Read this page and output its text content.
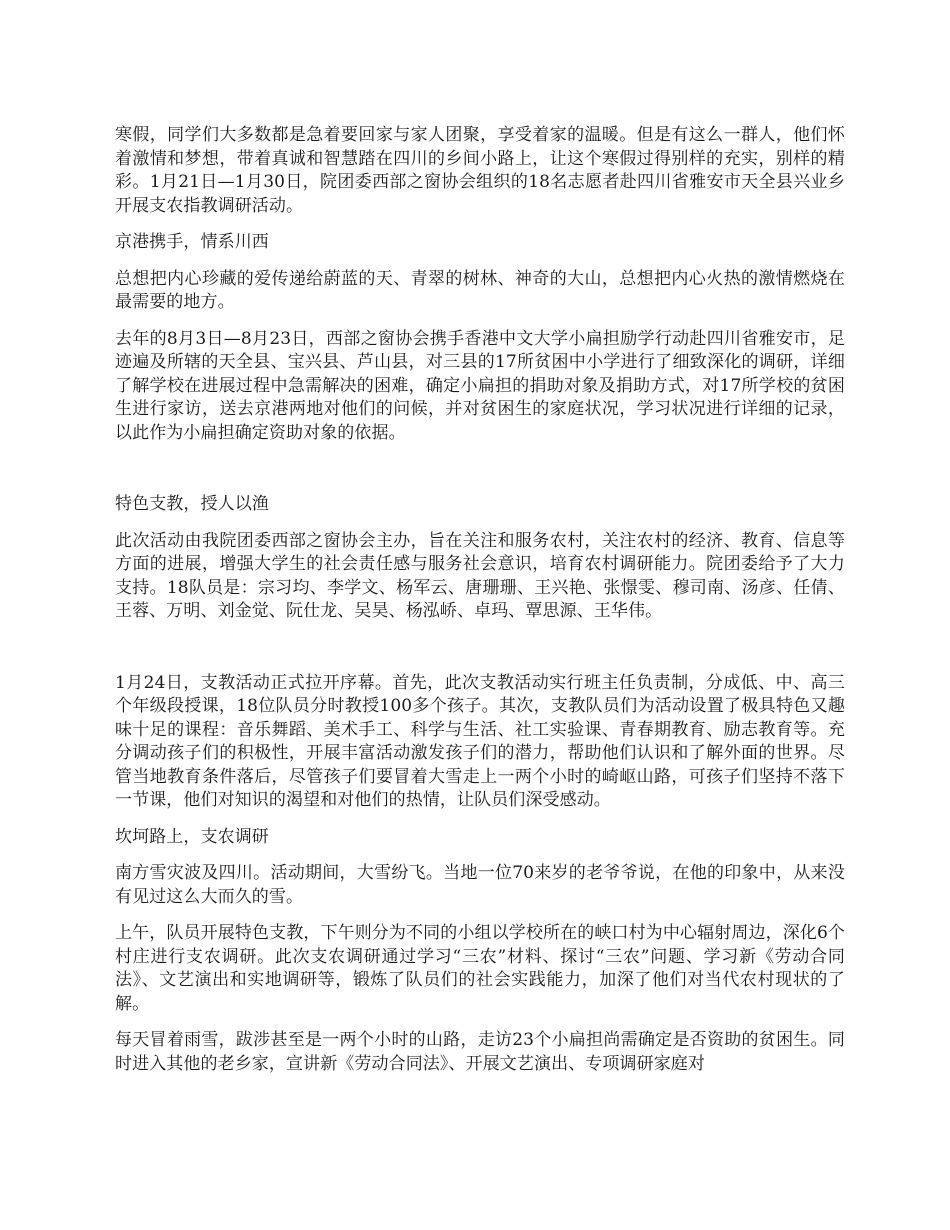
寒假，同学们大多数都是急着要回家与家人团聚，享受着家的温暖。但是有这么一群人，他们怀着激情和梦想，带着真诚和智慧踏在四川的乡间小路上，让这个寒假过得别样的充实，别样的精彩。1月21日—1月30日，院团委西部之窗协会组织的18名志愿者赴四川省雅安市天全县兴业乡开展支农指教调研活动。

京港携手，情系川西

总想把内心珍藏的爱传递给蔚蓝的天、青翠的树林、神奇的大山，总想把内心火热的激情燃烧在最需要的地方。

去年的8月3日—8月23日，西部之窗协会携手香港中文大学小扁担励学行动赴四川省雅安市，足迹遍及所辖的天全县、宝兴县、芦山县，对三县的17所贫困中小学进行了细致深化的调研，详细了解学校在进展过程中急需解决的困难，确定小扁担的捐助对象及捐助方式，对17所学校的贫困生进行家访，送去京港两地对他们的问候，并对贫困生的家庭状况，学习状况进行详细的记录，以此作为小扁担确定资助对象的依据。

特色支教，授人以渔

此次活动由我院团委西部之窗协会主办，旨在关注和服务农村，关注农村的经济、教育、信息等方面的进展，增强大学生的社会责任感与服务社会意识，培育农村调研能力。院团委给予了大力支持。18队员是：宗习均、李学文、杨军云、唐珊珊、王兴艳、张憬雯、穆司南、汤彦、任倩、王蓉、万明、刘金觉、阮仕龙、吴昊、杨泓峤、卓玛、覃思源、王华伟。

1月24日，支教活动正式拉开序幕。首先，此次支教活动实行班主任负责制，分成低、中、高三个年级段授课，18位队员分时教授100多个孩子。其次，支教队员们为活动设置了极具特色又趣味十足的课程：音乐舞蹈、美术手工、科学与生活、社工实验课、青春期教育、励志教育等。充分调动孩子们的积极性，开展丰富活动激发孩子们的潜力，帮助他们认识和了解外面的世界。尽管当地教育条件落后，尽管孩子们要冒着大雪走上一两个小时的崎岖山路，可孩子们坚持不落下一节课，他们对知识的渴望和对他们的热情，让队员们深受感动。

坎坷路上，支农调研

南方雪灾波及四川。活动期间，大雪纷飞。当地一位70来岁的老爷爷说，在他的印象中，从来没有见过这么大而久的雪。

上午，队员开展特色支教，下午则分为不同的小组以学校所在的峡口村为中心辐射周边，深化6个村庄进行支农调研。此次支农调研通过学习“三农”材料、探讨“三农”问题、学习新《劳动合同法》、文艺演出和实地调研等，锻炼了队员们的社会实践能力，加深了他们对当代农村现状的了解。

每天冒着雨雪，跋涉甚至是一两个小时的山路，走访23个小扁担尚需确定是否资助的贫困生。同时进入其他的老乡家，宣讲新《劳动合同法》、开展文艺演出、专项调研家庭对
